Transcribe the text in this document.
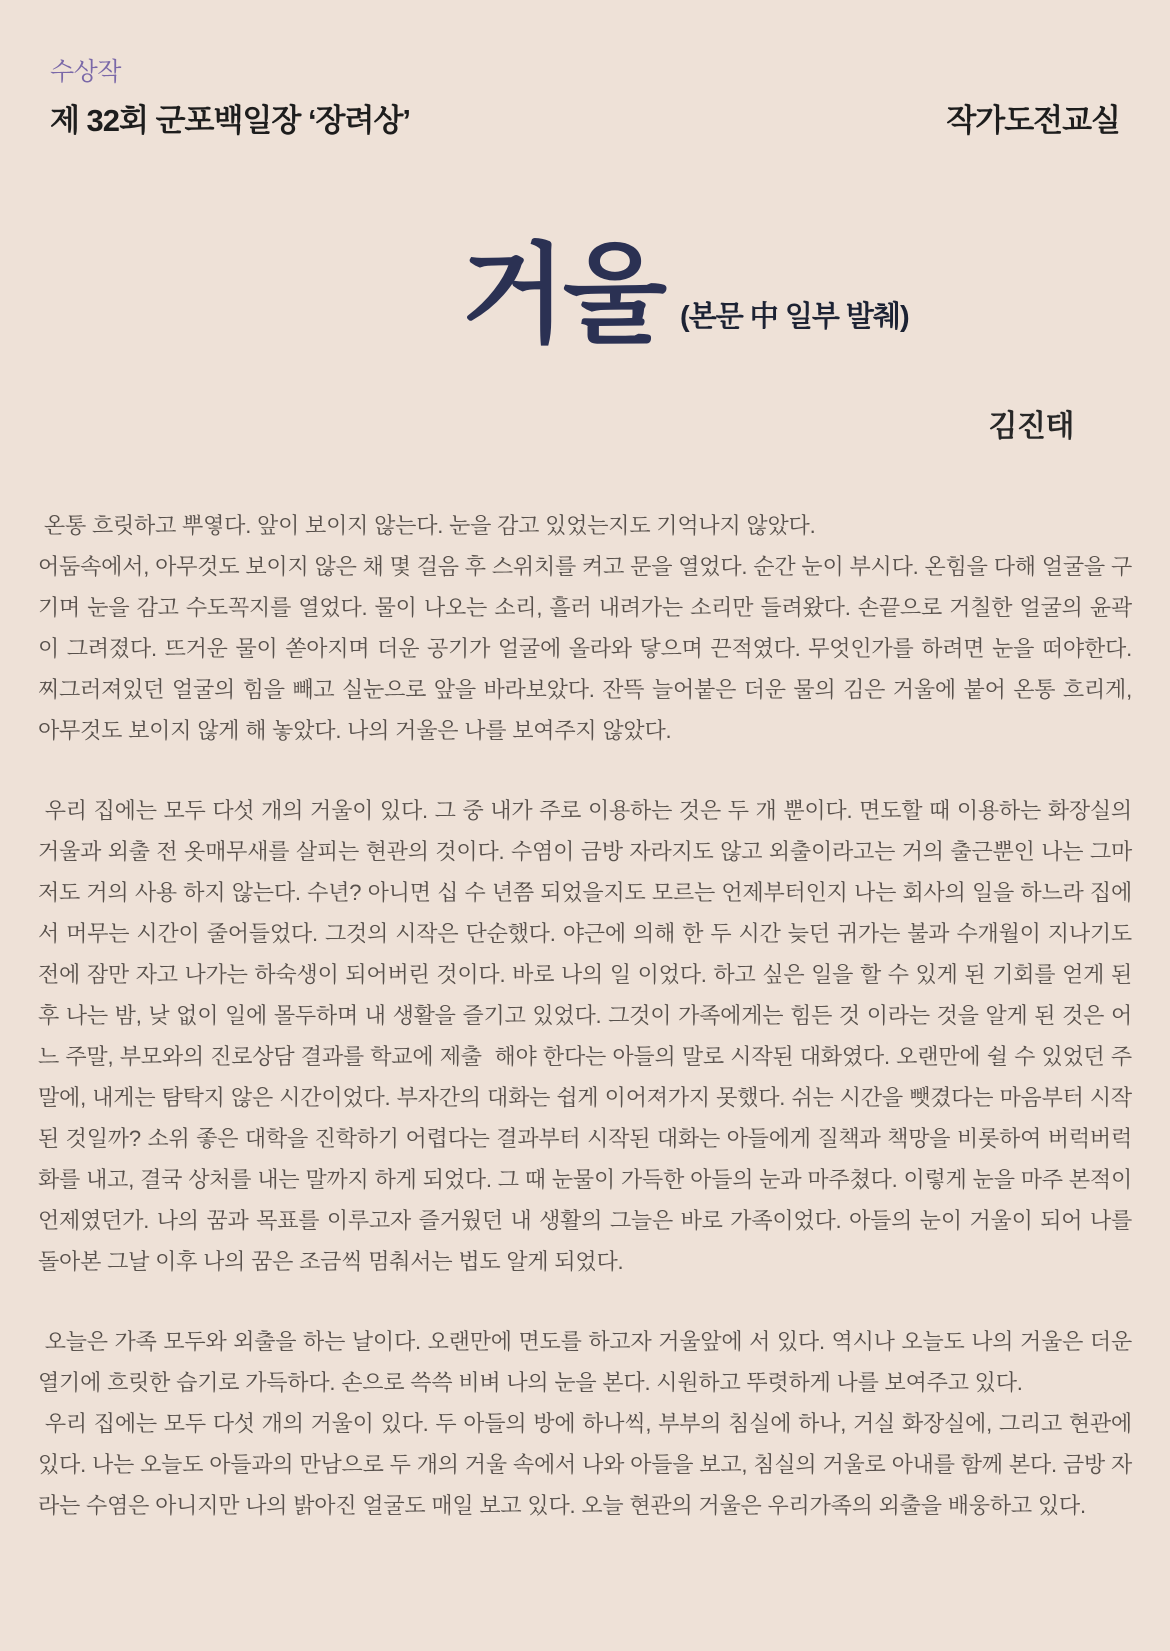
수상작
제 32회 군포백일장 ‘장려상’	작가도전교실
거울 (본문 中 일부 발췌)
김진태

온통 흐릿하고 뿌옇다. 앞이 보이지 않는다. 눈을 감고 있었는지도 기억나지 않았다.
어둠속에서, 아무것도 보이지 않은 채 몇 걸음 후 스위치를 켜고 문을 열었다. 순간 눈이 부시다. 온힘을 다해 얼굴을 구기며 눈을 감고 수도꼭지를 열었다. 물이 나오는 소리, 흘러 내려가는 소리만 들려왔다. 손끝으로 거칠한 얼굴의 윤곽이 그려졌다. 뜨거운 물이 쏟아지며 더운 공기가 얼굴에 올라와 닿으며 끈적였다. 무엇인가를 하려면 눈을 떠야한다. 찌그러져있던 얼굴의 힘을 빼고 실눈으로 앞을 바라보았다. 잔뜩 늘어붙은 더운 물의 김은 거울에 붙어 온통 흐리게, 아무것도 보이지 않게 해 놓았다. 나의 거울은 나를 보여주지 않았다.

우리 집에는 모두 다섯 개의 거울이 있다. 그 중 내가 주로 이용하는 것은 두 개 뿐이다. 면도할 때 이용하는 화장실의 거울과 외출 전 옷매무새를 살피는 현관의 것이다. 수염이 금방 자라지도 않고 외출이라고는 거의 출근뿐인 나는 그마저도 거의 사용 하지 않는다. 수년? 아니면 십 수 년쯤 되었을지도 모르는 언제부터인지 나는 회사의 일을 하느라 집에서 머무는 시간이 줄어들었다. 그것의 시작은 단순했다. 야근에 의해 한 두 시간 늦던 귀가는 불과 수개월이 지나기도 전에 잠만 자고 나가는 하숙생이 되어버린 것이다. 바로 나의 일 이었다. 하고 싶은 일을 할 수 있게 된 기회를 얻게 된 후 나는 밤, 낮 없이 일에 몰두하며 내 생활을 즐기고 있었다. 그것이 가족에게는 힘든 것 이라는 것을 알게 된 것은 어느 주말, 부모와의 진로상담 결과를 학교에 제출  해야 한다는 아들의 말로 시작된 대화였다. 오랜만에 쉴 수 있었던 주말에, 내게는 탐탁지 않은 시간이었다. 부자간의 대화는 쉽게 이어져가지 못했다. 쉬는 시간을 뺏겼다는 마음부터 시작 된 것일까? 소위 좋은 대학을 진학하기 어렵다는 결과부터 시작된 대화는 아들에게 질책과 책망을 비롯하여 버럭버럭 화를 내고, 결국 상처를 내는 말까지 하게 되었다. 그 때 눈물이 가득한 아들의 눈과 마주쳤다. 이렇게 눈을 마주 본적이 언제였던가. 나의 꿈과 목표를 이루고자 즐거웠던 내 생활의 그늘은 바로 가족이었다. 아들의 눈이 거울이 되어 나를 돌아본 그날 이후 나의 꿈은 조금씩 멈춰서는 법도 알게 되었다.

오늘은 가족 모두와 외출을 하는 날이다. 오랜만에 면도를 하고자 거울앞에 서 있다. 역시나 오늘도 나의 거울은 더운 열기에 흐릿한 습기로 가득하다. 손으로 쓱쓱 비벼 나의 눈을 본다. 시원하고 뚜렷하게 나를 보여주고 있다.
우리 집에는 모두 다섯 개의 거울이 있다. 두 아들의 방에 하나씩, 부부의 침실에 하나, 거실 화장실에, 그리고 현관에 있다. 나는 오늘도 아들과의 만남으로 두 개의 거울 속에서 나와 아들을 보고, 침실의 거울로 아내를 함께 본다. 금방 자라는 수염은 아니지만 나의 밝아진 얼굴도 매일 보고 있다. 오늘 현관의 거울은 우리가족의 외출을 배웅하고 있다.
